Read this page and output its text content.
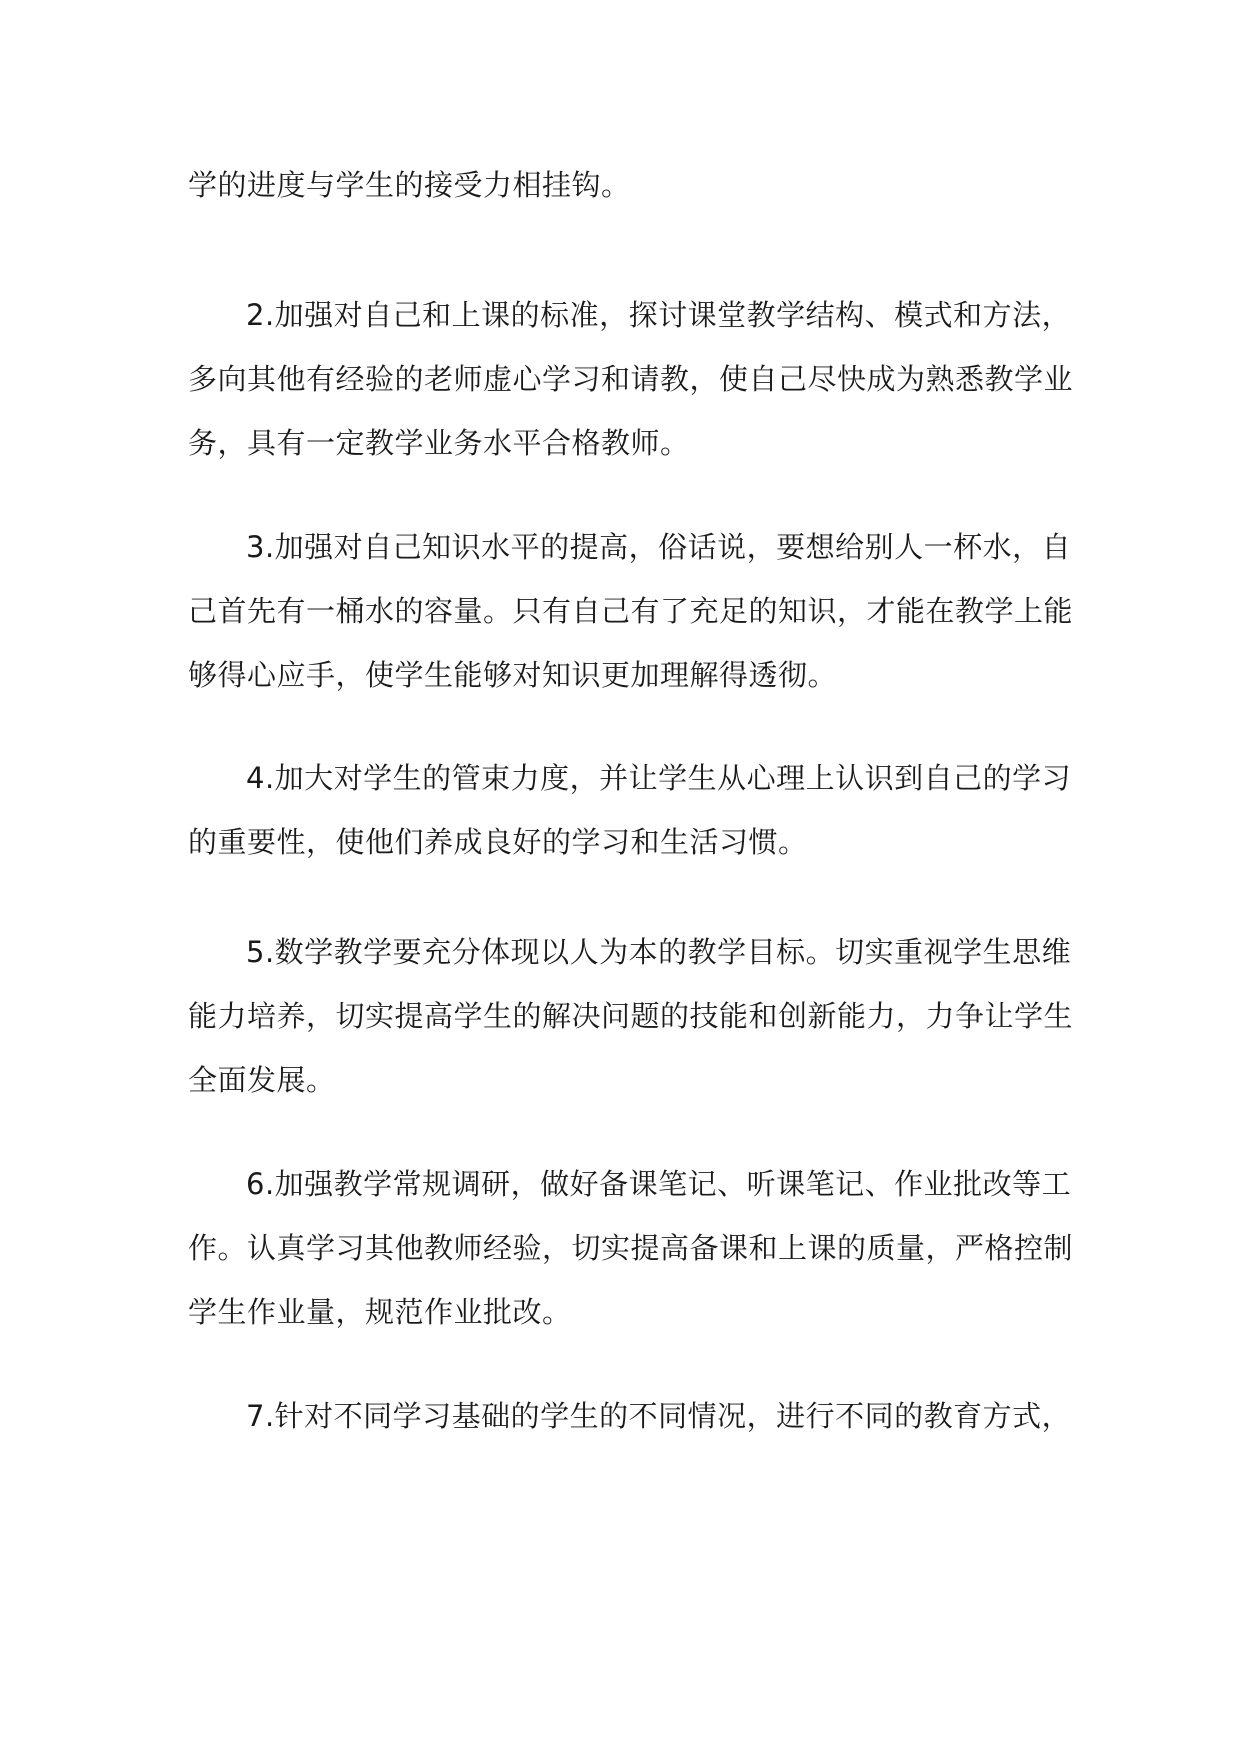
学的进度与学生的接受力相挂钩。
2.加强对自己和上课的标准，探讨课堂教学结构、模式和方法，
多向其他有经验的老师虚心学习和请教，使自己尽快成为熟悉教学业
务，具有一定教学业务水平合格教师。
3.加强对自己知识水平的提高，俗话说，要想给别人一杯水，自
己首先有一桶水的容量。只有自己有了充足的知识，才能在教学上能
够得心应手，使学生能够对知识更加理解得透彻。
4.加大对学生的管束力度，并让学生从心理上认识到自己的学习
的重要性，使他们养成良好的学习和生活习惯。
5.数学教学要充分体现以人为本的教学目标。切实重视学生思维
能力培养，切实提高学生的解决问题的技能和创新能力，力争让学生
全面发展。
6.加强教学常规调研，做好备课笔记、听课笔记、作业批改等工
作。认真学习其他教师经验，切实提高备课和上课的质量，严格控制
学生作业量，规范作业批改。
7.针对不同学习基础的学生的不同情况，进行不同的教育方式，
